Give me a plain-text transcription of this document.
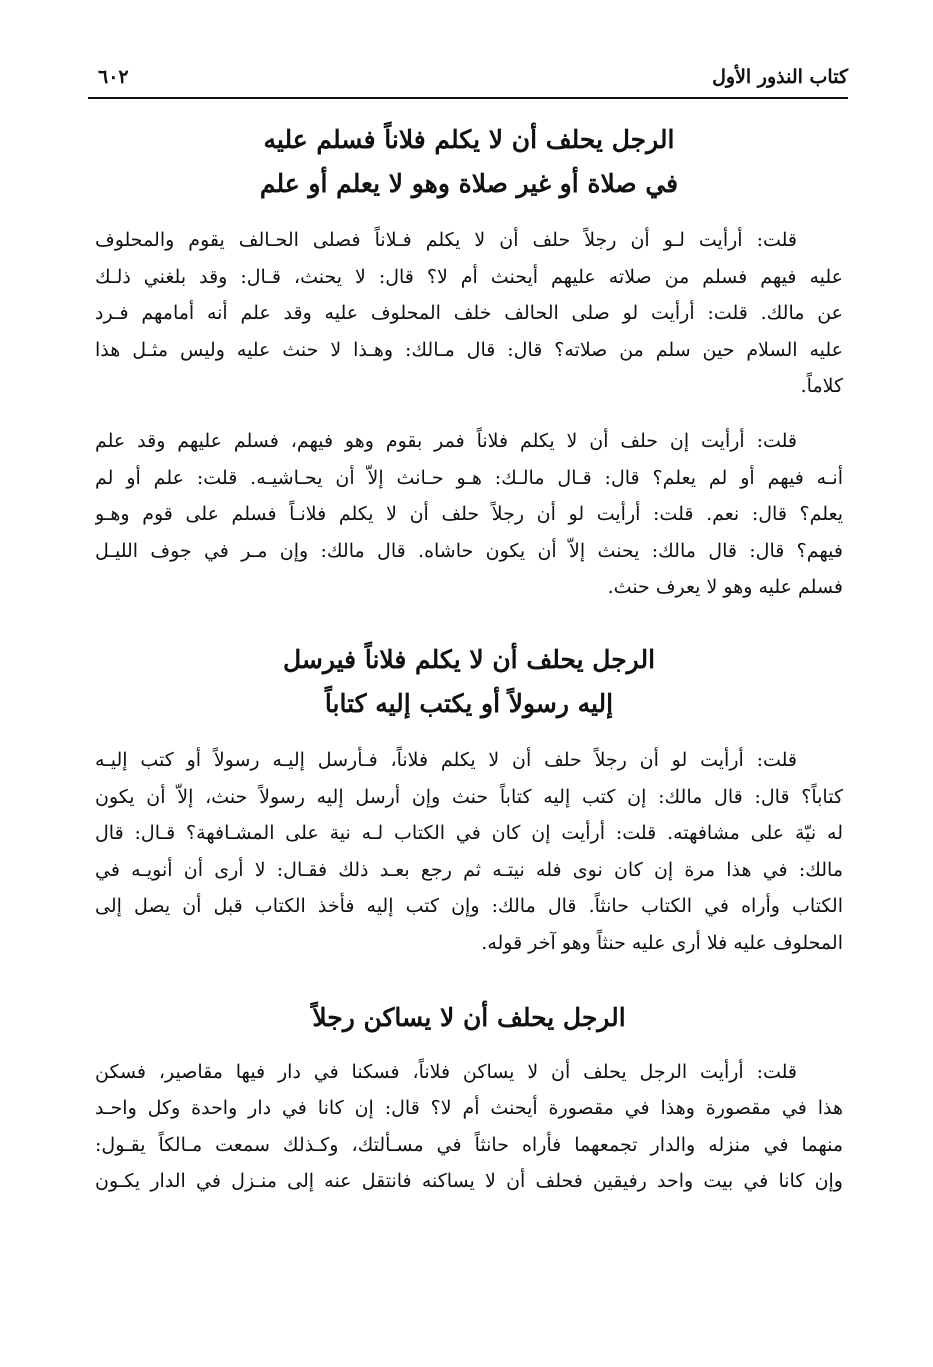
كتاب النذور الأول
٦٠٢
الرجل يحلف أن لا يكلم فلاناً فسلم عليه
في صلاة أو غير صلاة وهو لا يعلم أو علم

قلت: أرأيت لـو أن رجلاً حلف أن لا يكلم فـلاناً فصلى الحـالف يقوم والمحلوف
عليه فيهم فسلم من صلاته عليهم أيحنث أم لا؟ قال: لا يحنث، قـال: وقد بلغني ذلـك
عن مالك. قلت: أرأيت لو صلى الحالف خلف المحلوف عليه وقد علم أنه أمامهم فـرد
عليه السلام حين سلم من صلاته؟ قال: قال مـالك: وهـذا لا حنث عليه وليس مثـل هذا
كلاماً.

قلت: أرأيت إن حلف أن لا يكلم فلاناً فمر بقوم وهو فيهم، فسلم عليهم وقد علم
أنـه فيهم أو لم يعلم؟ قال: قـال مالـك: هـو حـانث إلاّ أن يحـاشيـه. قلت: علم أو لم
يعلم؟ قال: نعم. قلت: أرأيت لو أن رجلاً حلف أن لا يكلم فلانـاً فسلم على قوم وهـو
فيهم؟ قال: قال مالك: يحنث إلاّ أن يكون حاشاه. قال مالك: وإن مـر في جوف الليـل
فسلم عليه وهو لا يعرف حنث.

الرجل يحلف أن لا يكلم فلاناً فيرسل
إليه رسولاً أو يكتب إليه كتاباً

قلت: أرأيت لو أن رجلاً حلف أن لا يكلم فلاناً، فـأرسل إليـه رسولاً أو كتب إليـه
كتاباً؟ قال: قال مالك: إن كتب إليه كتاباً حنث وإن أرسل إليه رسولاً حنث، إلاّ أن يكون
له نيّة على مشافهته. قلت: أرأيت إن كان في الكتاب لـه نية على المشـافهة؟ قـال: قال
مالك: في هذا مرة إن كان نوى فله نيتـه ثم رجع بعـد ذلك فقـال: لا أرى أن أنويـه في
الكتاب وأراه في الكتاب حانثاً. قال مالك: وإن كتب إليه فأخذ الكتاب قبل أن يصل إلى
المحلوف عليه فلا أرى عليه حنثاً وهو آخر قوله.

الرجل يحلف أن لا يساكن رجلاً

قلت: أرأيت الرجل يحلف أن لا يساكن فلاناً، فسكنا في دار فيها مقاصير، فسكن
هذا في مقصورة وهذا في مقصورة أيحنث أم لا؟ قال: إن كانا في دار واحدة وكل واحـد
منهما في منزله والدار تجمعهما فأراه حانثاً في مسـألتك، وكـذلك سمعت مـالكاً يقـول:
وإن كانا في بيت واحد رفيقين فحلف أن لا يساكنه فانتقل عنه إلى منـزل في الدار يكـون
